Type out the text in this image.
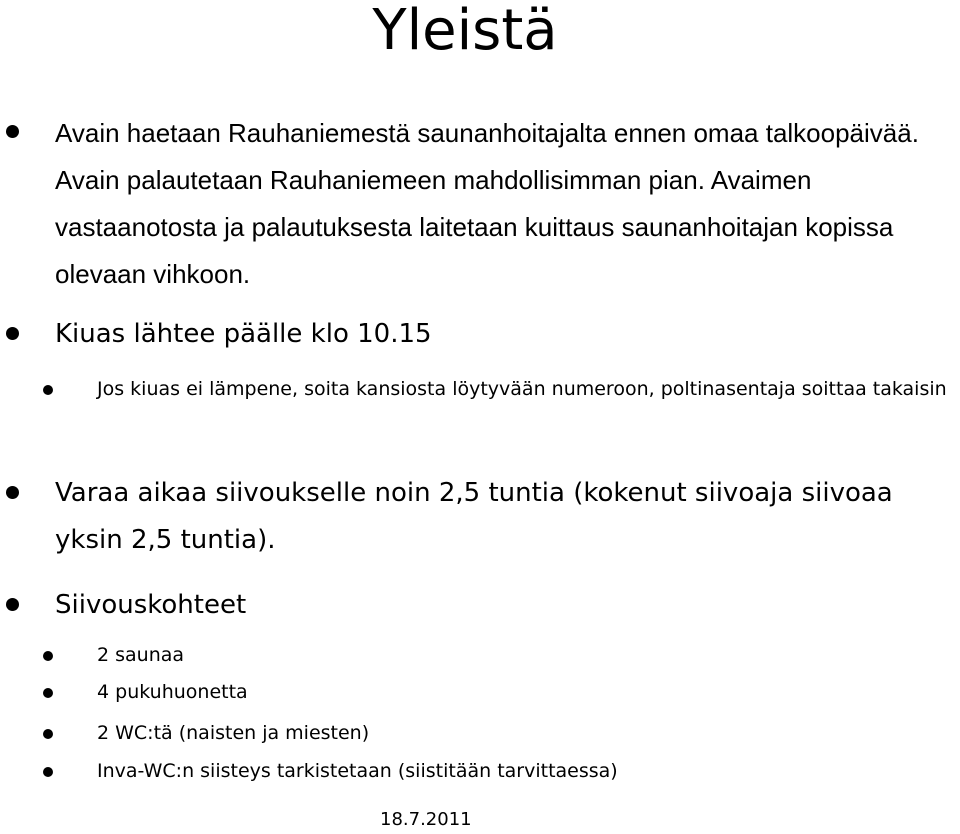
Yleistä
Avain haetaan Rauhaniemestä saunanhoitajalta ennen omaa talkoopäivää. Avain palautetaan Rauhaniemeen mahdollisimman pian. Avaimen vastaanotosta ja palautuksesta laitetaan kuittaus saunanhoitajan kopissa olevaan vihkoon.
Kiuas lähtee päälle klo 10.15
Jos kiuas ei lämpene, soita kansiosta löytyvään numeroon, poltinasentaja soittaa takaisin
Varaa aikaa siivoukselle noin 2,5 tuntia (kokenut siivoaja siivoaa yksin 2,5 tuntia).
Siivouskohteet
2 saunaa
4 pukuhuonetta
2 WC:tä (naisten ja miesten)
Inva-WC:n siisteys tarkistetaan (siistitään tarvittaessa)
18.7.2011
